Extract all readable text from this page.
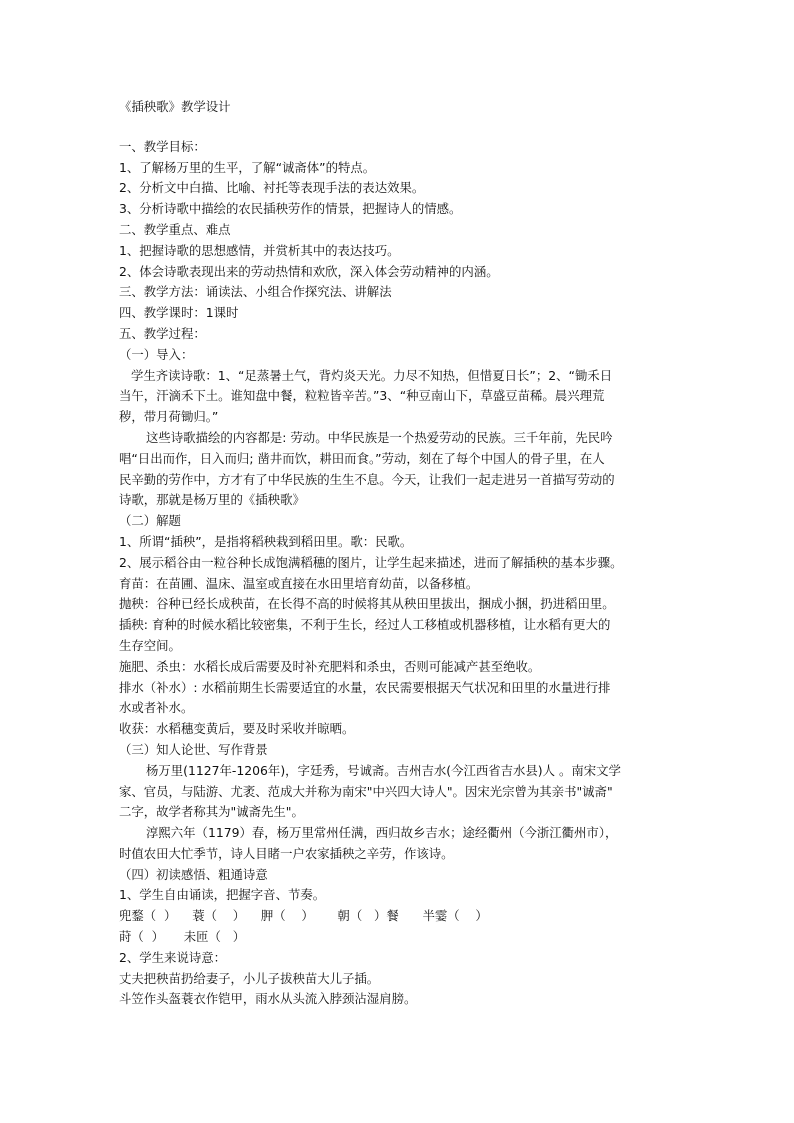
《插秧歌》教学设计
一、教学目标：
1、了解杨万里的生平，了解“诚斋体”的特点。
2、分析文中白描、比喻、衬托等表现手法的表达效果。
3、分析诗歌中描绘的农民插秧劳作的情景，把握诗人的情感。
二、教学重点、难点
1、把握诗歌的思想感情，并赏析其中的表达技巧。
2、体会诗歌表现出来的劳动热情和欢欣，深入体会劳动精神的内涵。
三、教学方法：诵读法、小组合作探究法、讲解法
四、教学课时：1课时
五、教学过程：
（一）导入：
学生齐读诗歌：1、“足蒸暑土气，背灼炎天光。力尽不知热，但惜夏日长”；2、“锄禾日
当午，汗滴禾下土。谁知盘中餐，粒粒皆辛苦。”3、“种豆南山下，草盛豆苗稀。晨兴理荒
秽，带月荷锄归。”
这些诗歌描绘的内容都是: 劳动。中华民族是一个热爱劳动的民族。三千年前，先民吟
唱“日出而作，日入而归; 凿井而饮，耕田而食。”劳动，刻在了每个中国人的骨子里，在人
民辛勤的劳作中，方才有了中华民族的生生不息。今天，让我们一起走进另一首描写劳动的
诗歌，那就是杨万里的《插秧歌》
（二）解题
1、所谓“插秧”，是指将稻秧栽到稻田里。歌：民歌。
2、展示稻谷由一粒谷种长成饱满稻穗的图片，让学生起来描述，进而了解插秧的基本步骤。
育苗：在苗圃、温床、温室或直接在水田里培育幼苗，以备移植。
抛秧：谷种已经长成秧苗，在长得不高的时候将其从秧田里拔出，捆成小捆，扔进稻田里。
插秧: 育种的时候水稻比较密集，不利于生长，经过人工移植或机器移植，让水稻有更大的
生存空间。
施肥、杀虫：水稻长成后需要及时补充肥料和杀虫，否则可能减产甚至绝收。
排水（补水）: 水稻前期生长需要适宜的水量，农民需要根据天气状况和田里的水量进行排
水或者补水。
收获：水稻穗变黄后，要及时采收并晾晒。
（三）知人论世、写作背景
杨万里(1127年-1206年)，字廷秀，号诚斋。吉州吉水(今江西省吉水县)人 。南宋文学
家、官员，与陆游、尤袤、范成大并称为南宋"中兴四大诗人"。因宋光宗曾为其亲书"诚斋"
二字，故学者称其为"诚斋先生"。
淳熙六年（1179）春，杨万里常州任满，西归故乡吉水；途经衢州（今浙江衢州市），
时值农田大忙季节，诗人目睹一户农家插秧之辛劳，作该诗。
（四）初读感悟、粗通诗意
1、学生自由诵读，把握字音、节奏。
兜鍪（  ）    蓑（    ）    胛（    ）      朝（   ）餐      半霎（    ）
莳（  ）     未匝（   ）
2、学生来说诗意：
丈夫把秧苗扔给妻子，小儿子拔秧苗大儿子插。
斗笠作头盔蓑衣作铠甲，雨水从头流入脖颈沾湿肩膀。
